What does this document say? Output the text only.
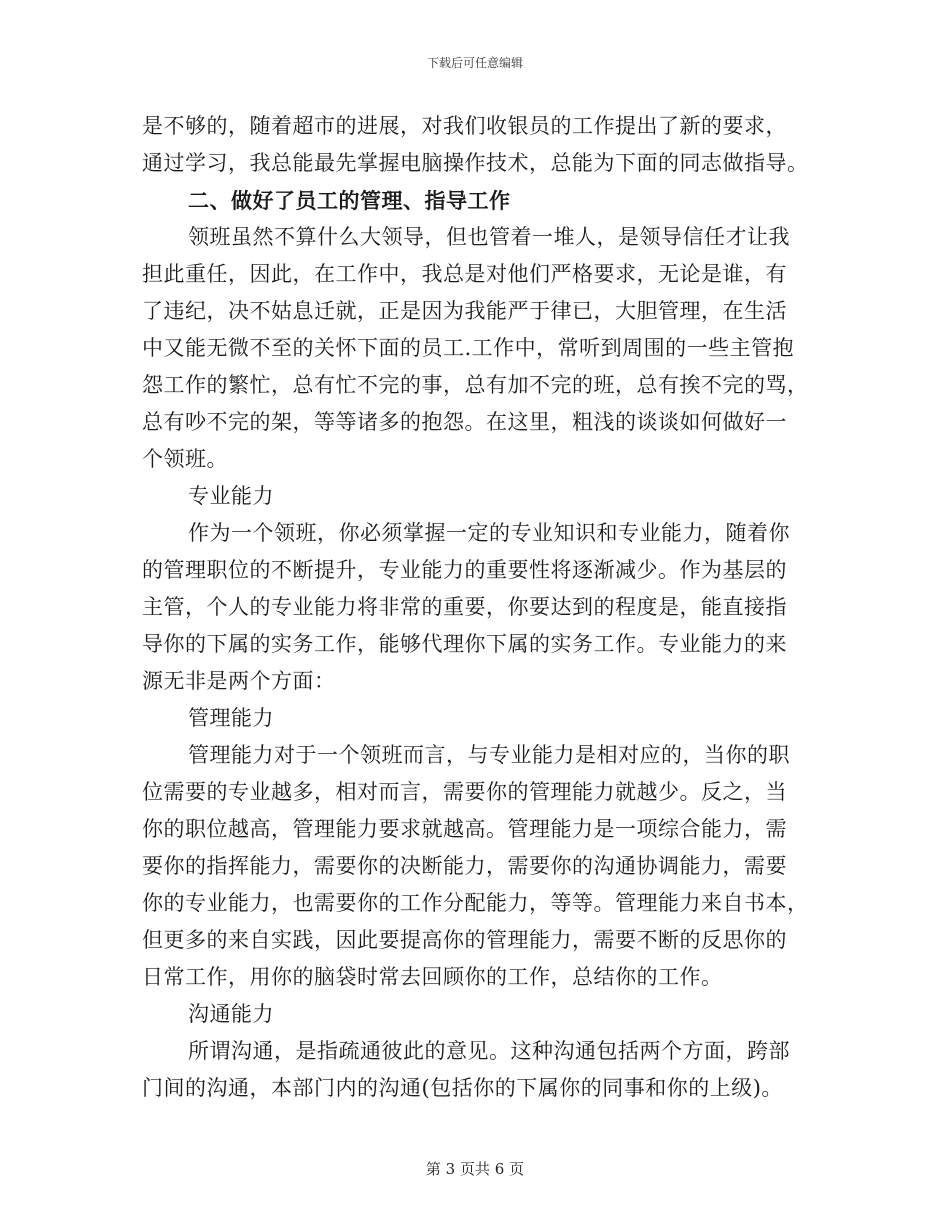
下载后可任意编辑
是不够的，随着超市的进展，对我们收银员的工作提出了新的要求，
通过学习，我总能最先掌握电脑操作技术，总能为下面的同志做指导。
二、做好了员工的管理、指导工作
领班虽然不算什么大领导，但也管着一堆人，是领导信任才让我
担此重任，因此，在工作中，我总是对他们严格要求，无论是谁，有
了违纪，决不姑息迁就，正是因为我能严于律已，大胆管理，在生活
中又能无微不至的关怀下面的员工.工作中，常听到周围的一些主管抱
怨工作的繁忙，总有忙不完的事，总有加不完的班，总有挨不完的骂，
总有吵不完的架，等等诸多的抱怨。在这里，粗浅的谈谈如何做好一
个领班。
专业能力
作为一个领班，你必须掌握一定的专业知识和专业能力，随着你
的管理职位的不断提升，专业能力的重要性将逐渐减少。作为基层的
主管，个人的专业能力将非常的重要，你要达到的程度是，能直接指
导你的下属的实务工作，能够代理你下属的实务工作。专业能力的来
源无非是两个方面：
管理能力
管理能力对于一个领班而言，与专业能力是相对应的，当你的职
位需要的专业越多，相对而言，需要你的管理能力就越少。反之，当
你的职位越高，管理能力要求就越高。管理能力是一项综合能力，需
要你的指挥能力，需要你的决断能力，需要你的沟通协调能力，需要
你的专业能力，也需要你的工作分配能力，等等。管理能力来自书本，
但更多的来自实践，因此要提高你的管理能力，需要不断的反思你的
日常工作，用你的脑袋时常去回顾你的工作，总结你的工作。
沟通能力
所谓沟通，是指疏通彼此的意见。这种沟通包括两个方面，跨部
门间的沟通，本部门内的沟通(包括你的下属你的同事和你的上级)。
第 3 页共 6 页
